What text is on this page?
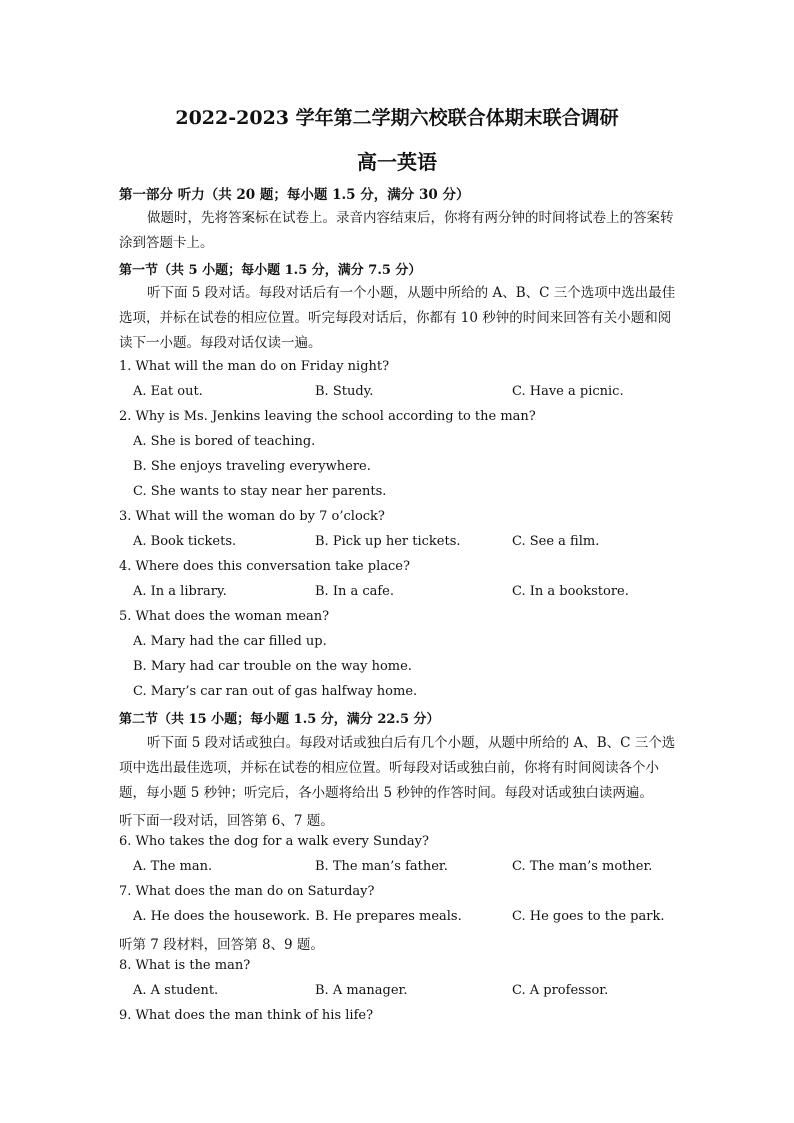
2022-2023 学年第二学期六校联合体期末联合调研
高一英语
第一部分 听力（共 20 题；每小题 1.5 分，满分 30 分）
做题时，先将答案标在试卷上。录音内容结束后，你将有两分钟的时间将试卷上的答案转涂到答题卡上。
第一节（共 5 小题；每小题 1.5 分，满分 7.5 分）
听下面 5 段对话。每段对话后有一个小题，从题中所给的 A、B、C 三个选项中选出最佳选项，并标在试卷的相应位置。听完每段对话后，你都有 10 秒钟的时间来回答有关小题和阅读下一小题。每段对话仅读一遍。
1. What will the man do on Friday night?
A. Eat out.	B. Study.	C. Have a picnic.
2. Why is Ms. Jenkins leaving the school according to the man?
A. She is bored of teaching.
B. She enjoys traveling everywhere.
C. She wants to stay near her parents.
3. What will the woman do by 7 o’clock?
A. Book tickets.	B. Pick up her tickets.	C. See a film.
4. Where does this conversation take place?
A. In a library.	B. In a cafe.	C. In a bookstore.
5. What does the woman mean?
A. Mary had the car filled up.
B. Mary had car trouble on the way home.
C. Mary’s car ran out of gas halfway home.
第二节（共 15 小题；每小题 1.5 分，满分 22.5 分）
听下面 5 段对话或独白。每段对话或独白后有几个小题，从题中所给的 A、B、C 三个选项中选出最佳选项，并标在试卷的相应位置。听每段对话或独白前，你将有时间阅读各个小题，每小题 5 秒钟；听完后，各小题将给出 5 秒钟的作答时间。每段对话或独白读两遍。
听下面一段对话，回答第 6、7 题。
6. Who takes the dog for a walk every Sunday?
A. The man.	B. The man’s father.	C. The man’s mother.
7. What does the man do on Saturday?
A. He does the housework. B. He prepares meals.	C. He goes to the park.
听第 7 段材料，回答第 8、9 题。
8. What is the man?
A. A student.	B. A manager.	C. A professor.
9. What does the man think of his life?
